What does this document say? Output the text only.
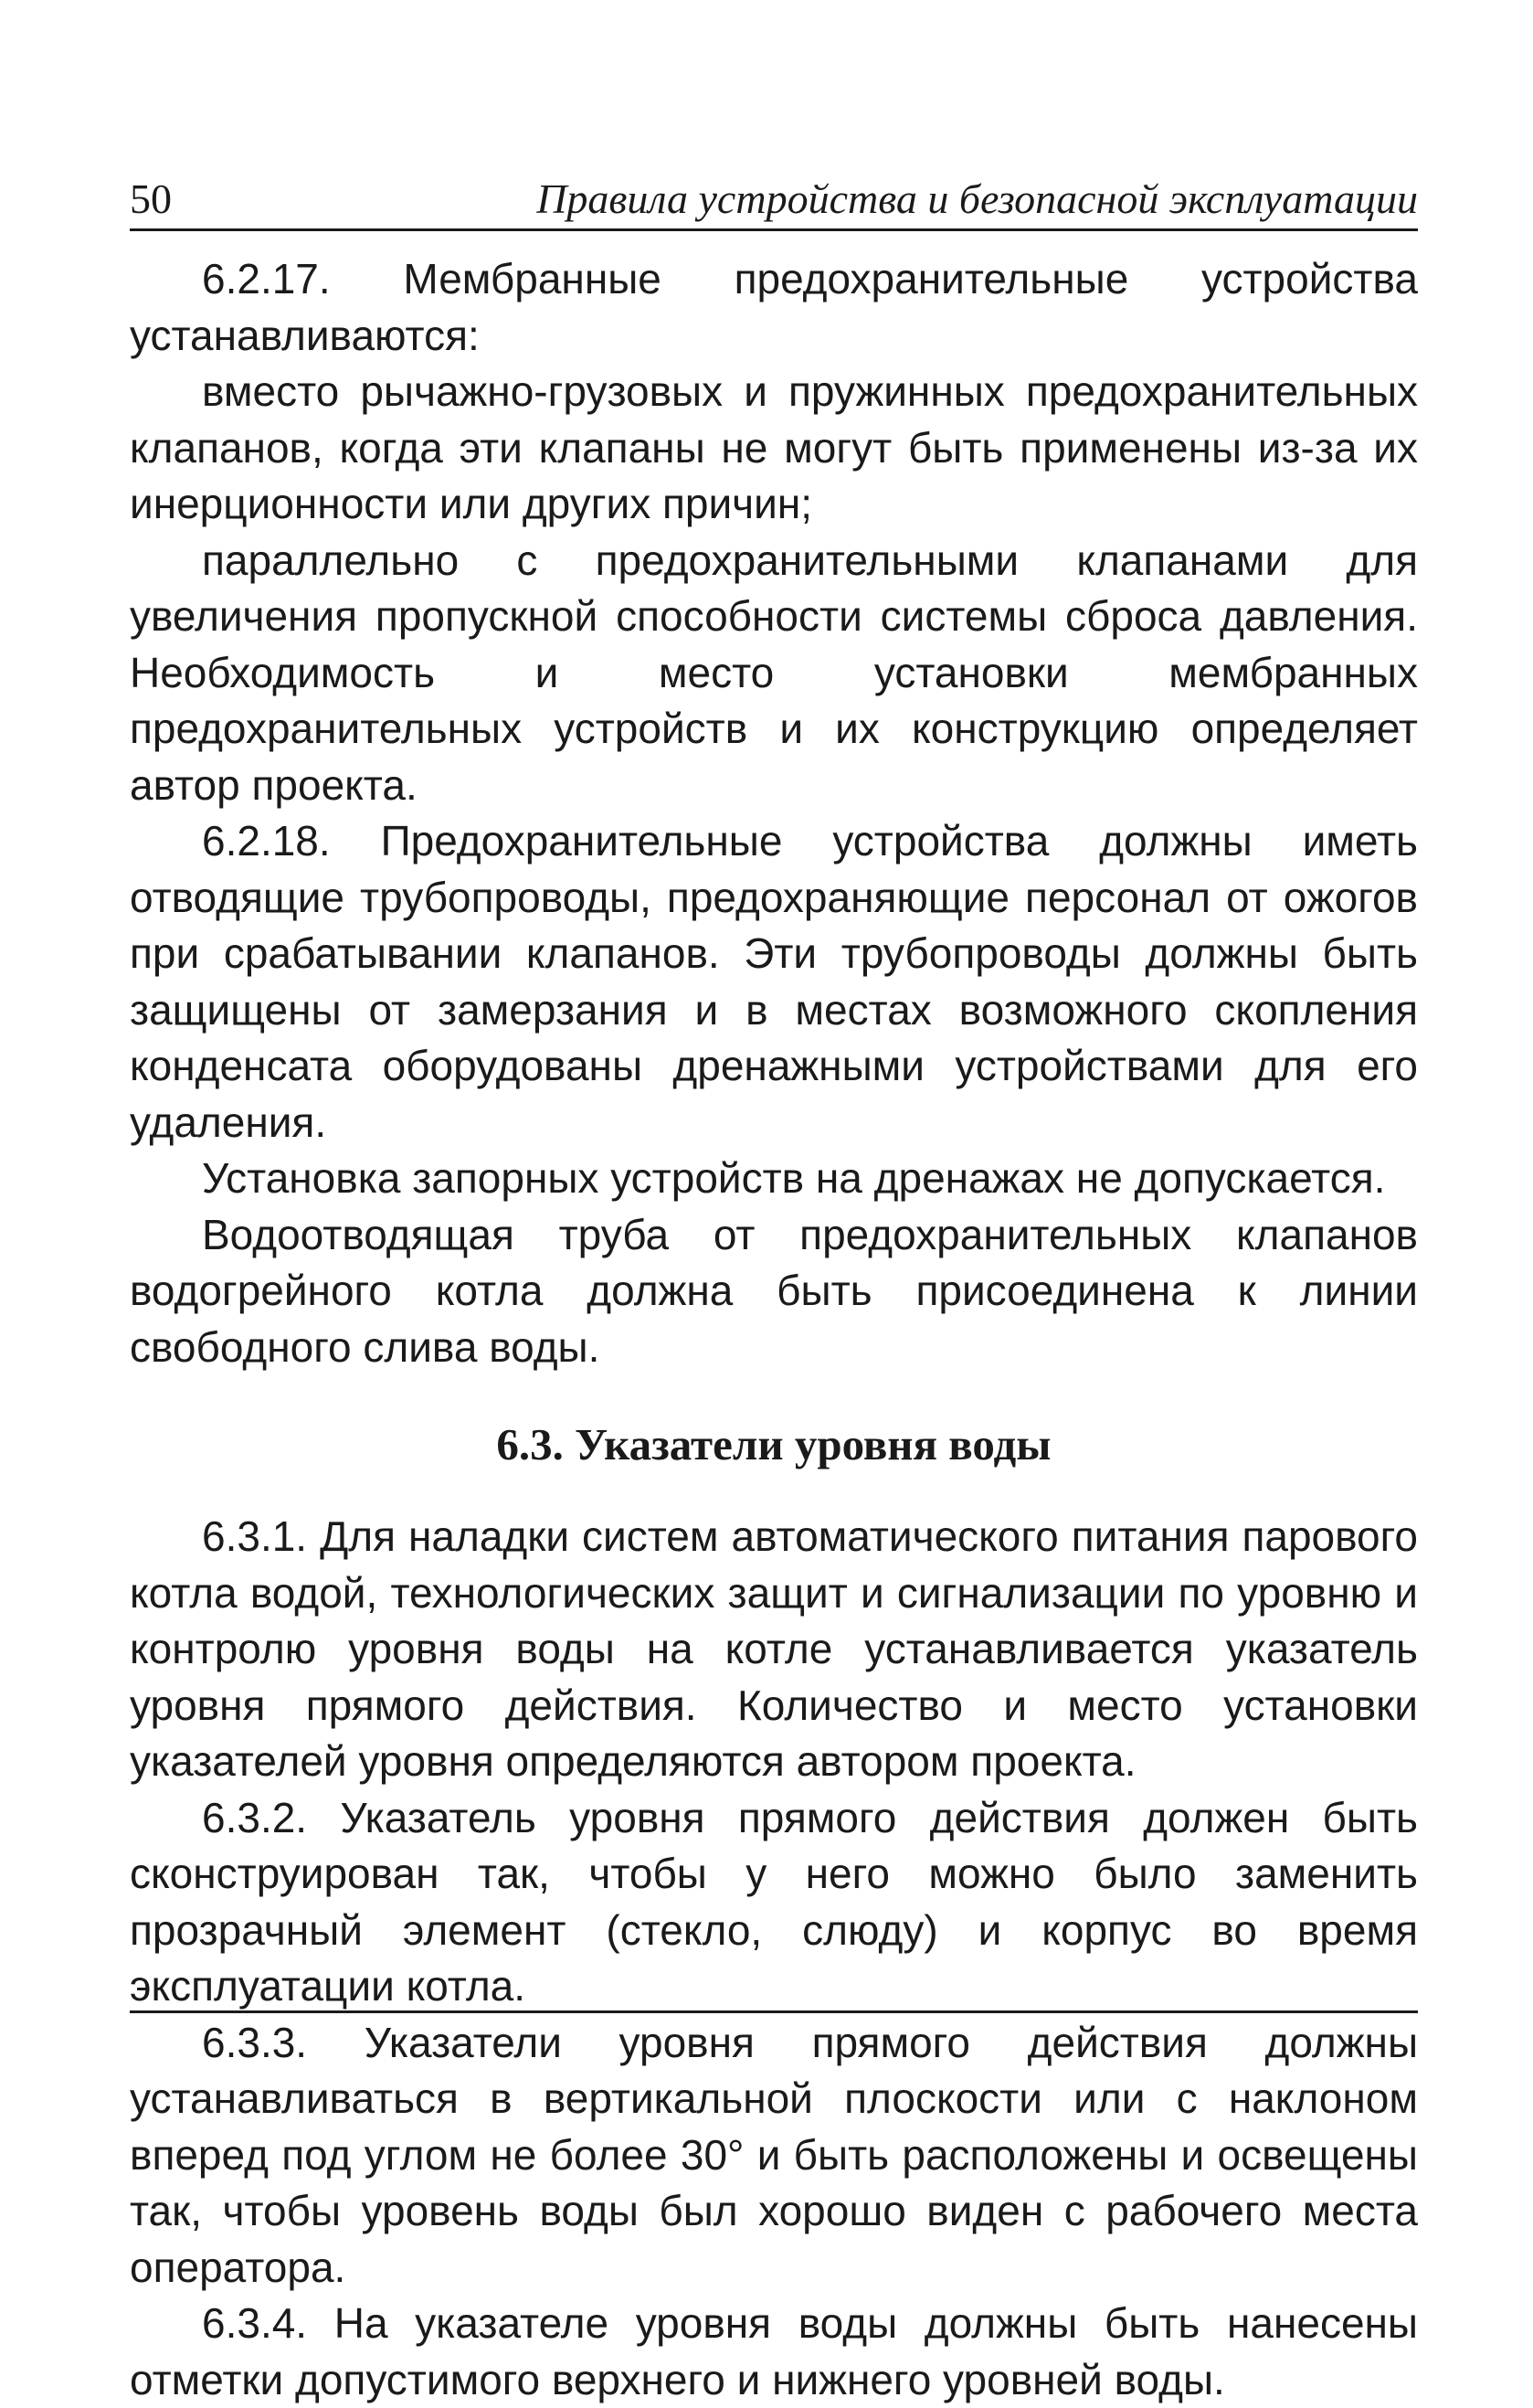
50	Правила устройства и безопасной эксплуатации

6.2.17. Мембранные предохранительные устройства устанавливаются:

вместо рычажно-грузовых и пружинных предохранительных клапанов, когда эти клапаны не могут быть применены из-за их инерционности или других причин;

параллельно с предохранительными клапанами для увеличения пропускной способности системы сброса давления. Необходимость и место установки мембранных предохранительных устройств и их конструкцию определяет автор проекта.

6.2.18. Предохранительные устройства должны иметь отводящие трубопроводы, предохраняющие персонал от ожогов при срабатывании клапанов. Эти трубопроводы должны быть защищены от замерзания и в местах возможного скопления конденсата оборудованы дренажными устройствами для его удаления.

Установка запорных устройств на дренажах не допускается.

Водоотводящая труба от предохранительных клапанов водогрейного котла должна быть присоединена к линии свободного слива воды.

6.3. Указатели уровня воды

6.3.1. Для наладки систем автоматического питания парового котла водой, технологических защит и сигнализации по уровню и контролю уровня воды на котле устанавливается указатель уровня прямого действия. Количество и место установки указателей уровня определяются автором проекта.

6.3.2. Указатель уровня прямого действия должен быть сконструирован так, чтобы у него можно было заменить прозрачный элемент (стекло, слюду) и корпус во время эксплуатации котла.

6.3.3. Указатели уровня прямого действия должны устанавливаться в вертикальной плоскости или с наклоном вперед под углом не более 30° и быть расположены и освещены так, чтобы уровень воды был хорошо виден с рабочего места оператора.

6.3.4. На указателе уровня воды должны быть нанесены отметки допустимого верхнего и нижнего уровней воды.
